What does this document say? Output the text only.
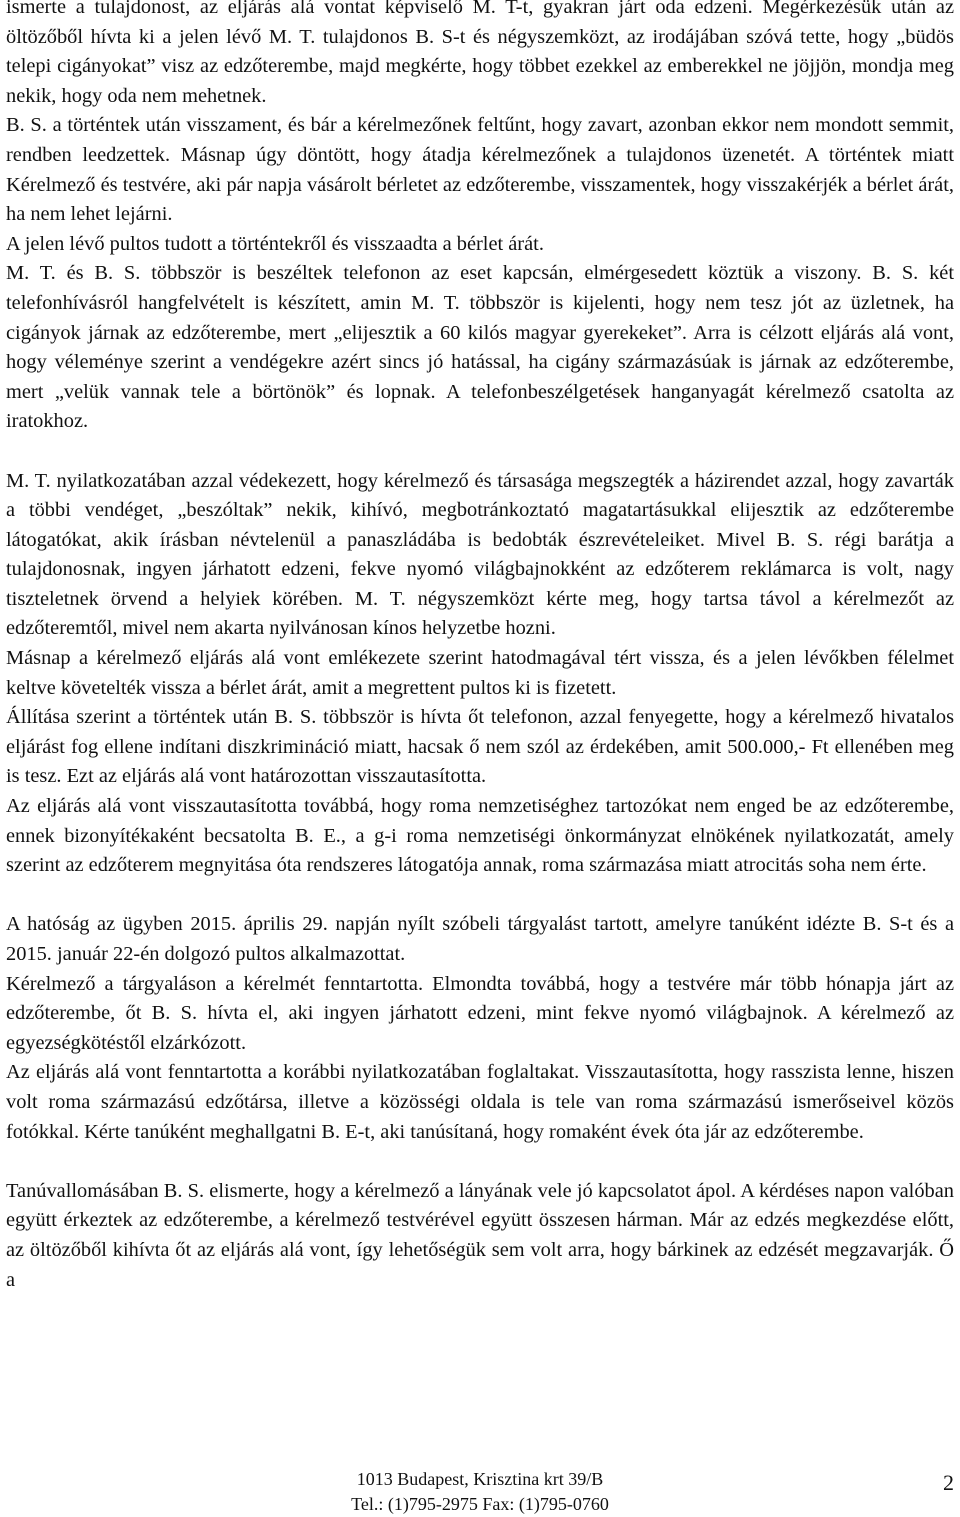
ismerte a tulajdonost, az eljárás alá vontat képviselő M. T-t, gyakran járt oda edzeni. Megérkezésük után az öltözőből hívta ki a jelen lévő M. T. tulajdonos B. S-t és négyszemközt, az irodájában szóvá tette, hogy „büdös telepi cigányokat” visz az edzőterembe, majd megkérte, hogy többet ezekkel az emberekkel ne jöjjön, mondja meg nekik, hogy oda nem mehetnek.

B. S. a történtek után visszament, és bár a kérelmezőnek feltűnt, hogy zavart, azonban ekkor nem mondott semmit, rendben leedzettek. Másnap úgy döntött, hogy átadja kérelmezőnek a tulajdonos üzenetét. A történtek miatt Kérelmező és testvére, aki pár napja vásárolt bérletet az edzőterembe, visszamentek, hogy visszakérjék a bérlet árát, ha nem lehet lejárni.

A jelen lévő pultos tudott a történtekről és visszaadta a bérlet árát.

M. T. és B. S. többször is beszéltek telefonon az eset kapcsán, elmérgesedett köztük a viszony. B. S. két telefonhívásról hangfelvételt is készített, amin M. T. többször is kijelenti, hogy nem tesz jót az üzletnek, ha cigányok járnak az edzőterembe, mert „elijesztik a 60 kilós magyar gyerekeket”. Arra is célzott eljárás alá vont, hogy véleménye szerint a vendégekre azért sincs jó hatással, ha cigány származásúak is járnak az edzőterembe, mert „velük vannak tele a börtönök” és lopnak. A telefonbeszélgetések hanganyagát kérelmező csatolta az iratokhoz.

M. T. nyilatkozatában azzal védekezett, hogy kérelmező és társasága megszegték a házirendet azzal, hogy zavarták a többi vendéget, „beszóltak” nekik, kihívó, megbotránkoztató magatartásukkal elijesztik az edzőterembe látogatókat, akik írásban névtelenül a panaszládába is bedobták észrevételeiket. Mivel B. S. régi barátja a tulajdonosnak, ingyen járhatott edzeni, fekve nyomó világbajnokként az edzőterem reklámarca is volt, nagy tiszteletnek örvend a helyiek körében. M. T. négyszemközt kérte meg, hogy tartsa távol a kérelmezőt az edzőteremtől, mivel nem akarta nyilvánosan kínos helyzetbe hozni.

Másnap a kérelmező eljárás alá vont emlékezete szerint hatodmagával tért vissza, és a jelen lévőkben félelmet keltve követelték vissza a bérlet árát, amit a megrettent pultos ki is fizetett.

Állítása szerint a történtek után B. S. többször is hívta őt telefonon, azzal fenyegette, hogy a kérelmező hivatalos eljárást fog ellene indítani diszkrimináció miatt, hacsak ő nem szól az érdekében, amit 500.000,- Ft ellenében meg is tesz. Ezt az eljárás alá vont határozottan visszautasította.

Az eljárás alá vont visszautasította továbbá, hogy roma nemzetiséghez tartozókat nem enged be az edzőterembe, ennek bizonyítékaként becsatolta B. E., a g-i roma nemzetiségi önkormányzat elnökének nyilatkozatát, amely szerint az edzőterem megnyitása óta rendszeres látogatója annak, roma származása miatt atrocitás soha nem érte.

A hatóság az ügyben 2015. április 29. napján nyílt szóbeli tárgyalást tartott, amelyre tanúként idézte B. S-t és a 2015. január 22-én dolgozó pultos alkalmazottat.

Kérelmező a tárgyaláson a kérelmét fenntartotta. Elmondta továbbá, hogy a testvére már több hónapja járt az edzőterembe, őt B. S. hívta el, aki ingyen járhatott edzeni, mint fekve nyomó világbajnok. A kérelmező az egyezségkötéstől elzárkózott.

Az eljárás alá vont fenntartotta a korábbi nyilatkozatában foglaltakat. Visszautasította, hogy rasszista lenne, hiszen volt roma származású edzőtársa, illetve a közösségi oldala is tele van roma származású ismerőseivel közös fotókkal. Kérte tanúként meghallgatni B. E-t, aki tanúsítaná, hogy romaként évek óta jár az edzőterembe.

Tanúvallomásában B. S. elismerte, hogy a kérelmező a lányának vele jó kapcsolatot ápol. A kérdéses napon valóban együtt érkeztek az edzőterembe, a kérelmező testvérével együtt összesen hárman. Már az edzés megkezdése előtt, az öltözőből kihívta őt az eljárás alá vont, így lehetőségük sem volt arra, hogy bárkinek az edzését megzavarják. Ő a

1013 Budapest, Krisztina krt 39/B
Tel.: (1)795-2975 Fax: (1)795-0760
2
